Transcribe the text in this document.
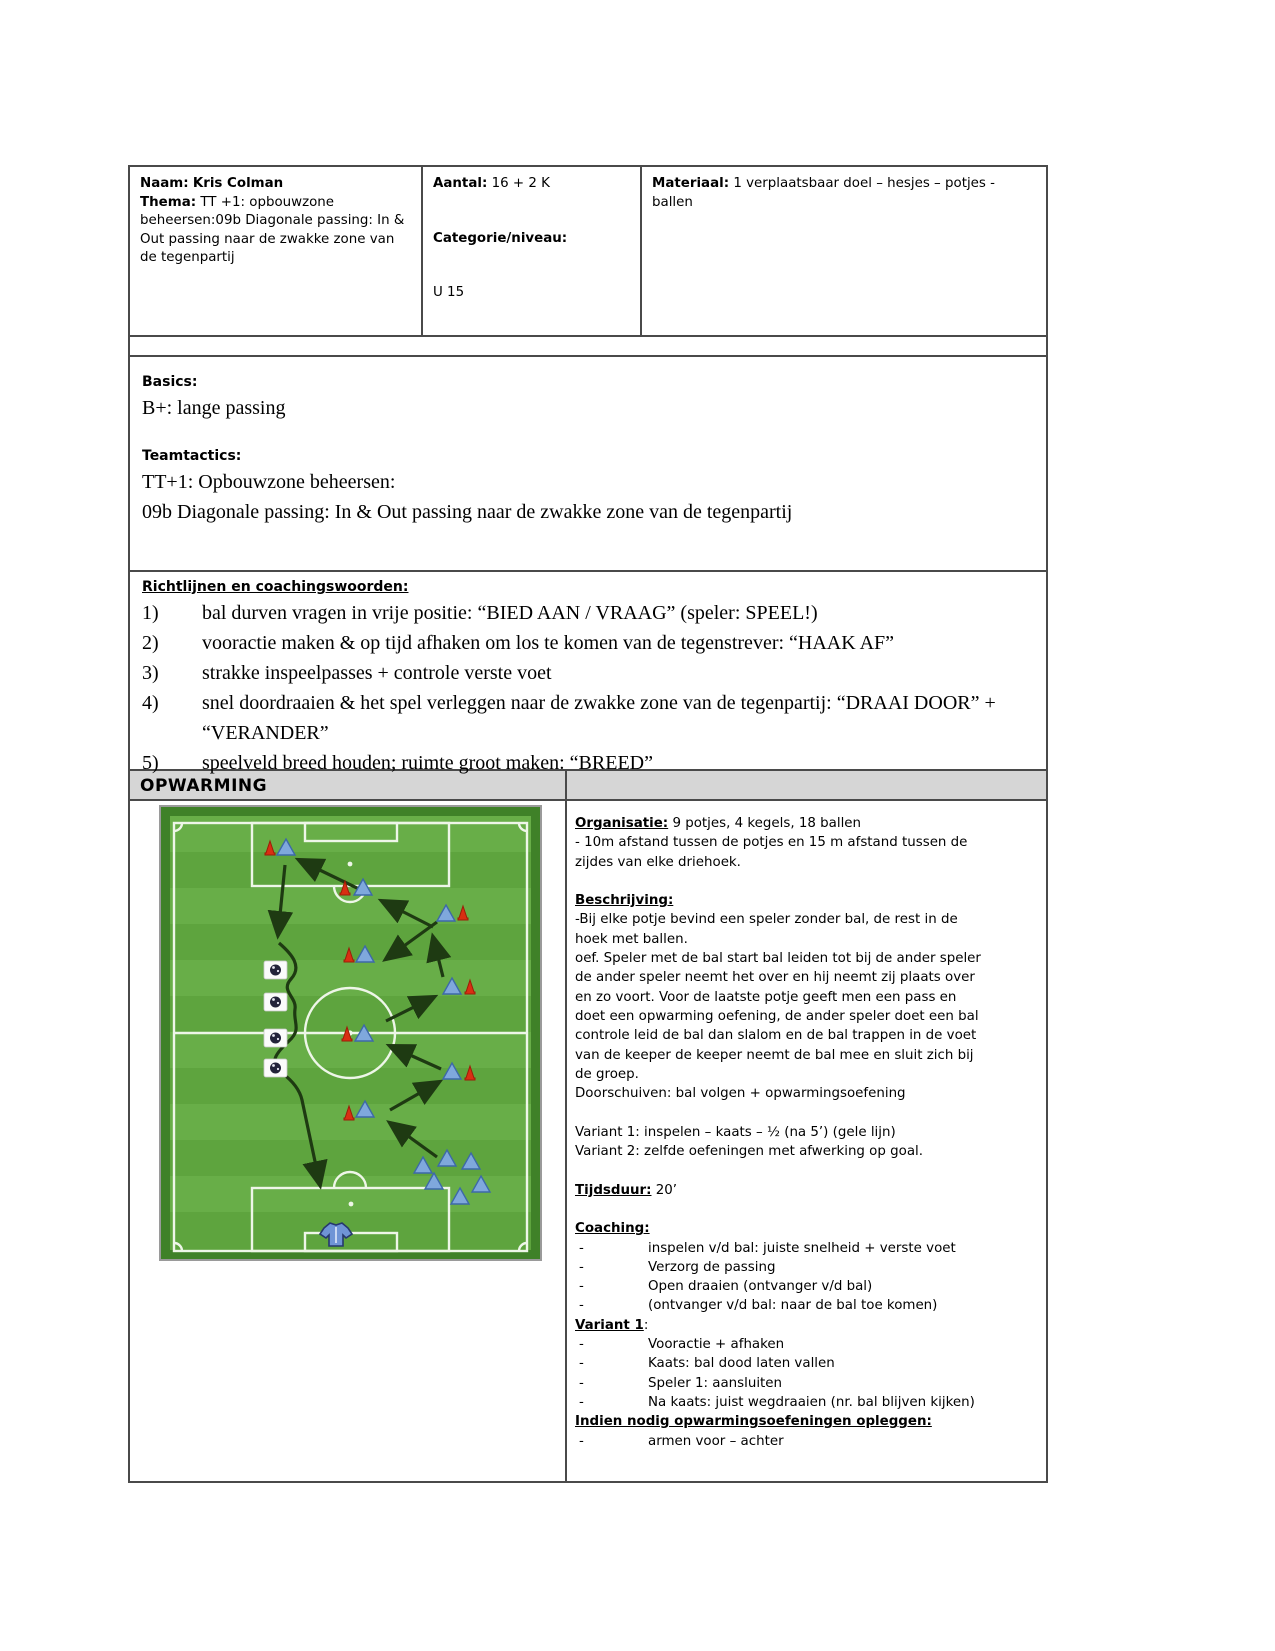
Naam: Kris Colman
Thema: TT +1: opbouwzone beheersen:09b Diagonale passing: In & Out passing naar de zwakke zone van de tegenpartij
Aantal: 16 + 2 K
Categorie/niveau:
U 15
Materiaal: 1 verplaatsbaar doel – hesjes – potjes - ballen
Basics:
B+: lange passing
Teamtactics:
TT+1: Opbouwzone beheersen:
09b Diagonale passing: In & Out passing naar de zwakke zone van de tegenpartij
Richtlijnen en coachingswoorden:
1)	bal durven vragen in vrije positie: “BIED AAN / VRAAG” (speler: SPEEL!)
2)	vooractie maken & op tijd afhaken om los te komen van de tegenstrever: “HAAK AF”
3)	strakke inspeelpasses + controle verste voet
4)	snel doordraaien & het spel verleggen naar de zwakke zone van de tegenpartij: “DRAAI DOOR” + “VERANDER”
5)	speelveld breed houden; ruimte groot maken: “BREED”
OPWARMING
Organisatie: 9 potjes, 4 kegels, 18 ballen
- 10m afstand tussen de potjes en 15 m afstand tussen de
zijdes van elke driehoek.
Beschrijving:
-Bij elke potje bevind een speler zonder bal, de rest in de
hoek met ballen.
oef. Speler met de bal start bal leiden tot bij de ander speler
de ander speler neemt het over en hij neemt zij plaats over
en zo voort. Voor de laatste potje geeft men een pass en
doet een opwarming oefening, de ander speler doet een bal
controle leid de bal dan slalom en de bal trappen in de voet
van de keeper de keeper neemt de bal mee en sluit zich bij
de groep.
Doorschuiven: bal volgen + opwarmingsoefening
Variant 1: inspelen – kaats – ½ (na 5’) (gele lijn)
Variant 2: zelfde oefeningen met afwerking op goal.
Tijdsduur: 20’
Coaching:
-	inspelen v/d bal: juiste snelheid + verste voet
-	Verzorg de passing
-	Open draaien (ontvanger v/d bal)
-	(ontvanger v/d bal: naar de bal toe komen)
Variant 1:
-	Vooractie + afhaken
-	Kaats: bal dood laten vallen
-	Speler 1: aansluiten
-	Na kaats: juist wegdraaien (nr. bal blijven kijken)
Indien nodig opwarmingsoefeningen opleggen:
-	armen voor – achter
